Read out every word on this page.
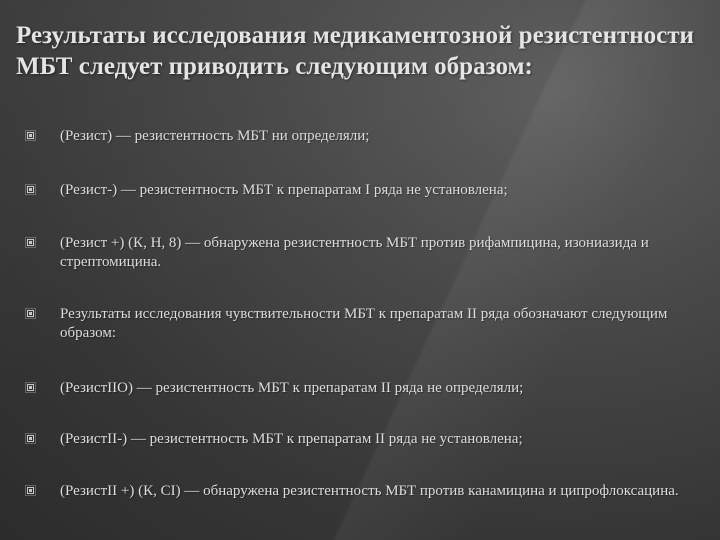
Результаты исследования медикаментозной резистентности МБТ следует приводить следующим образом:
(Резист) — резистентность МБТ ни определяли;
(Резист-) — резистентность МБТ к препаратам I ряда не установлена;
(Резист +) (К, Н, 8) — обнаружена резистентность МБТ против рифампицина, изониазида и стрептомицина.
Результаты исследования чувствительности МБТ к препаратам II ряда обозначают следующим образом:
(РезистIIО) — резистентность МБТ к препаратам II ряда не определяли;
(РезистII-) — резистентность МБТ к препаратам II ряда не установлена;
(РезистII +) (К, CI) — обнаружена резистентность МБТ против канамицина и ципрофлоксацина.
